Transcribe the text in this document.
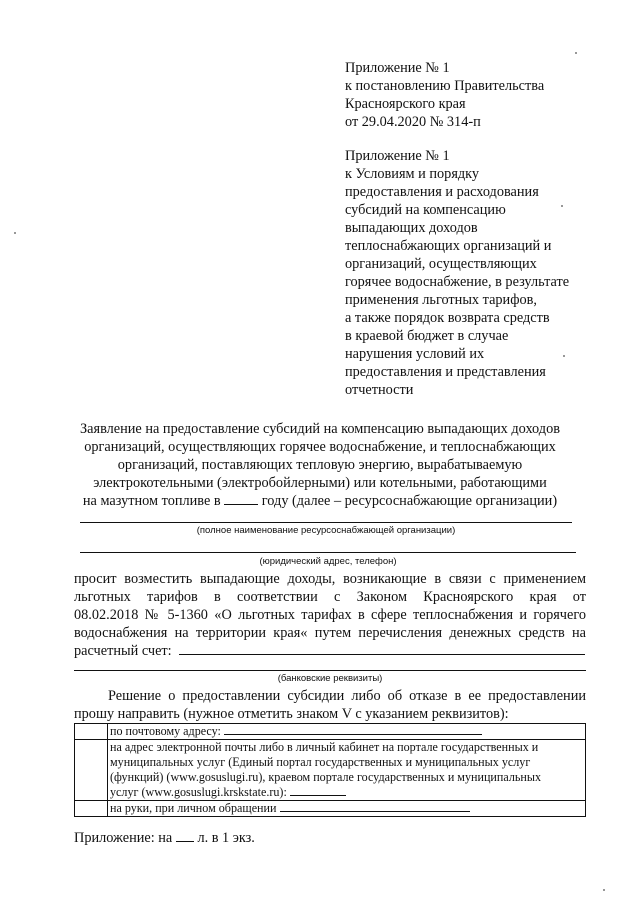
Приложение № 1
к постановлению Правительства
Красноярского края
от 29.04.2020 № 314-п
Приложение № 1
к Условиям и порядку
предоставления и расходования
субсидий на компенсацию
выпадающих доходов
теплоснабжающих организаций и
организаций, осуществляющих
горячее водоснабжение, в результате
применения льготных тарифов,
а также порядок возврата средств
в краевой бюджет в случае
нарушения условий их
предоставления и представления
отчетности
Заявление на предоставление субсидий на компенсацию выпадающих доходов
организаций, осуществляющих горячее водоснабжение, и теплоснабжающих
организаций, поставляющих тепловую энергию, вырабатываемую
электрокотельными (электробойлерными) или котельными, работающими
на мазутном топливе в	году (далее – ресурсоснабжающие организации)
(полное наименование ресурсоснабжающей организации)
(юридический адрес, телефон)
просит возместить выпадающие доходы, возникающие в связи с применением
льготных тарифов в соответствии с Законом Красноярского края от
08.02.2018 № 5-1360 «О льготных тарифах в сфере теплоснабжения и горячего
водоснабжения на территории края« путем перечисления денежных средств на
расчетный счет:
(банковские реквизиты)
Решение о предоставлении субсидии либо об отказе в ее предоставлении
прошу направить (нужное отметить знаком V с указанием реквизитов):
	по почтовому адресу:

	на адрес электронной почты либо в личный кабинет на портале государственных и
муниципальных услуг (Единый портал государственных и муниципальных услуг
(функций) (www.gosuslugi.ru), краевом портале государственных и муниципальных
услуг (www.gosuslugi.krskstate.ru):

	на руки, при личном обращении
Приложение: на л. в 1 экз.
